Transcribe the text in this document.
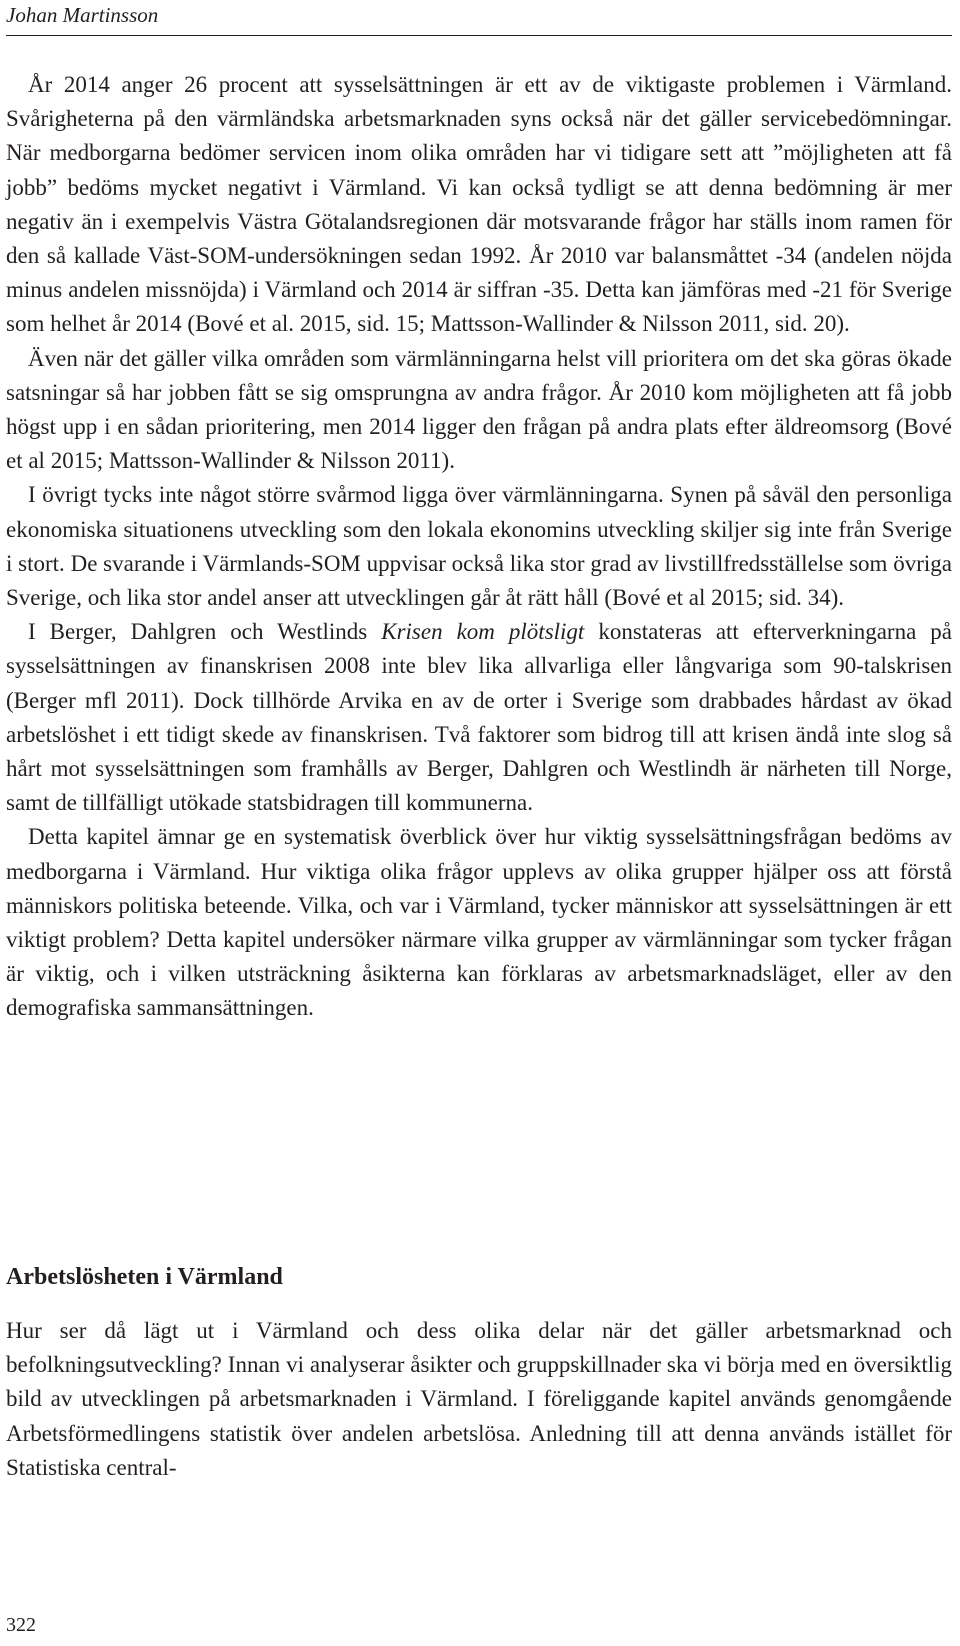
Johan Martinsson

År 2014 anger 26 procent att sysselsättningen är ett av de viktigaste problemen i Värmland. Svårigheterna på den värmländska arbetsmarknaden syns också när det gäller servicebedömningar. När medborgarna bedömer servicen inom olika områden har vi tidigare sett att ”möjligheten att få jobb” bedöms mycket negativt i Värmland. Vi kan också tydligt se att denna bedömning är mer negativ än i exempelvis Västra Götalandsregionen där motsvarande frågor har ställs inom ramen för den så kallade Väst-SOM-undersökningen sedan 1992. År 2010 var balansmåttet -34 (andelen nöjda minus andelen missnöjda) i Värmland och 2014 är siffran -35. Detta kan jämföras med -21 för Sverige som helhet år 2014 (Bové et al. 2015, sid. 15; Mattsson-Wallinder & Nilsson 2011, sid. 20).

Även när det gäller vilka områden som värmlänningarna helst vill prioritera om det ska göras ökade satsningar så har jobben fått se sig omsprungna av andra frågor. År 2010 kom möjligheten att få jobb högst upp i en sådan prioritering, men 2014 ligger den frågan på andra plats efter äldreomsorg (Bové et al 2015; Mattsson-Wallinder & Nilsson 2011).

I övrigt tycks inte något större svårmod ligga över värmlänningarna. Synen på såväl den personliga ekonomiska situationens utveckling som den lokala ekonomins utveckling skiljer sig inte från Sverige i stort. De svarande i Värmlands-SOM uppvisar också lika stor grad av livstillfredsställelse som övriga Sverige, och lika stor andel anser att utvecklingen går åt rätt håll (Bové et al 2015; sid. 34).

I Berger, Dahlgren och Westlinds Krisen kom plötsligt konstateras att efterverkningarna på sysselsättningen av finanskrisen 2008 inte blev lika allvarliga eller långvariga som 90-talskrisen (Berger mfl 2011). Dock tillhörde Arvika en av de orter i Sverige som drabbades hårdast av ökad arbetslöshet i ett tidigt skede av finanskrisen. Två faktorer som bidrog till att krisen ändå inte slog så hårt mot sysselsättningen som framhålls av Berger, Dahlgren och Westlindh är närheten till Norge, samt de tillfälligt utökade statsbidragen till kommunerna.

Detta kapitel ämnar ge en systematisk överblick över hur viktig sysselsättningsfrågan bedöms av medborgarna i Värmland. Hur viktiga olika frågor upplevs av olika grupper hjälper oss att förstå människors politiska beteende. Vilka, och var i Värmland, tycker människor att sysselsättningen är ett viktigt problem? Detta kapitel undersöker närmare vilka grupper av värmlänningar som tycker frågan är viktig, och i vilken utsträckning åsikterna kan förklaras av arbetsmarknadsläget, eller av den demografiska sammansättningen.

Arbetslösheten i Värmland

Hur ser då lägt ut i Värmland och dess olika delar när det gäller arbetsmarknad och befolkningsutveckling? Innan vi analyserar åsikter och gruppskillnader ska vi börja med en översiktlig bild av utvecklingen på arbetsmarknaden i Värmland. I föreliggande kapitel används genomgående Arbetsförmedlingens statistik över andelen arbetslösa. Anledning till att denna används istället för Statistiska central-

322
